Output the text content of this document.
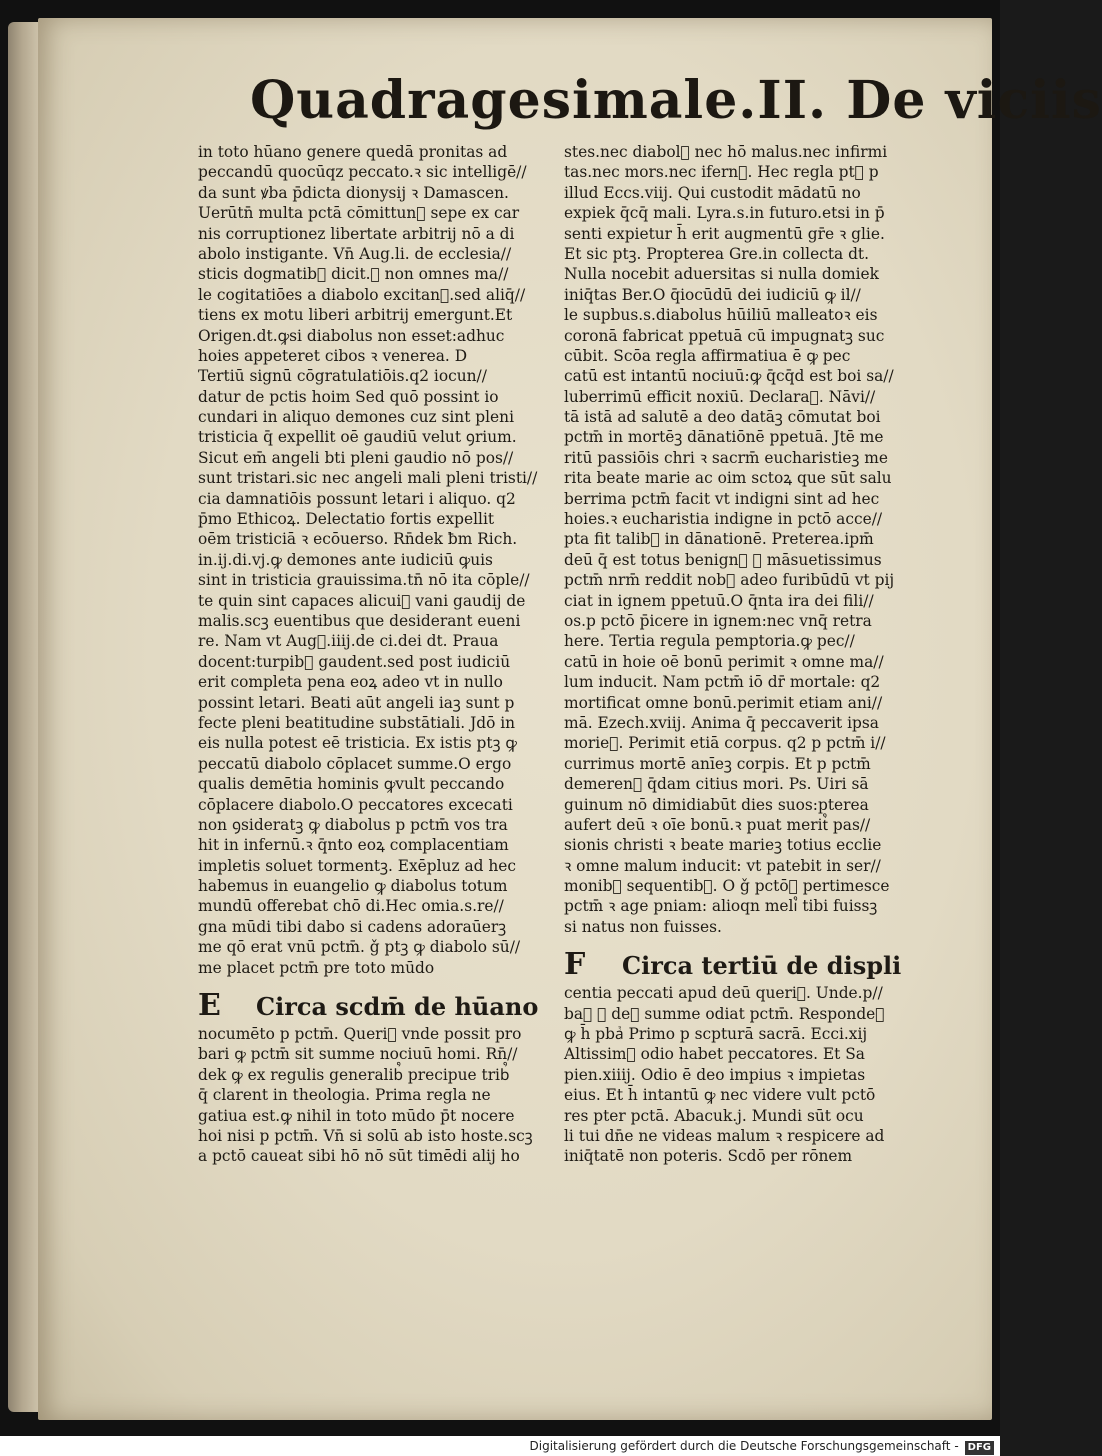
Quadragesimale.II. De viciis
in toto hūano genere quedā pronitas ad
peccandū quocūqz peccato.ꝛ sic intelligē//
da sunt ꝟba p̄dicta dionysij ꝛ Damascen.
Uerūtn̄ multa pctā cōmittunᷣ sepe ex car
nis corruptionez libertate arbitrij nō a di
abolo instigante. Vn̄ Aug.li. de ecclesia//
sticis dogmatib᷒ dicit.ꝙ non omnes ma//
le cogitatiōes a diabolo excitanᷣ.sed aliq̄//
tiens ex motu liberi arbitrij emergunt.Et
Origen.dt.ꝙsi diabolus non esset:adhuc
hoies appeteret cibos ꝛ venerea. D
Tertiū signū cōgratulatiōis.q2 iocun//
datur de pctis hoim Sed quō possint io
cundari in aliquo demones cuz sint pleni
tristicia q̄ expellit oē gaudiū velut ꝯrium.
Sicut em̄ angeli bti pleni gaudio nō pos//
sunt tristari.sic nec angeli mali pleni tristi//
cia damnatiōis possunt letari i aliquo. q2
p̄mo Ethicoꝝ. Delectatio fortis expellit
oēm tristiciā ꝛ ecōuerso. Rn̄dek ƀm Rich.
in.ij.di.vj.ꝙ demones ante iudiciū ꝙuis
sint in tristicia grauissima.tn̄ nō ita cōple//
te quin sint capaces alicui᷒ vani gaudij de
malis.scꝫ euentibus que desiderant eueni
re. Nam vt Aug᷒.iiij.de ci.dei dt. Praua
docent:turpib᷒ gaudent.sed post iudiciū
erit completa pena eoꝝ adeo vt in nullo
possint letari. Beati aūt angeli iaꝫ sunt p
fecte pleni beatitudine substātiali. Jdō in
eis nulla potest eē tristicia. Ex istis ptꝫ ꝙ
peccatū diabolo cōplacet summe.O ergo
qualis demētia hominis ꝙvult peccando
cōplacere diabolo.O peccatores excecati
non ꝯsideratꝫ ꝙ diabolus p pctm̄ vos tra
hit in infernū.ꝛ q̄nto eoꝝ complacentiam
impletis soluet tormentꝫ. Exēpluz ad hec
habemus in euangelio ꝙ diabolus totum
mundū offerebat chō di.Hec omia.s.re//
gna mūdi tibi dabo si cadens adoraūerꝫ
me qō erat vnū pctm̄. ǧ ptꝫ ꝙ diabolo sū//
me placet pctm̄ pre toto mūdo
E	Circa scdm̄ de hūano
nocumēto p pctm̄. Queriᷣ vnde possit pro
bari ꝙ pctm̄ sit summe nociuū homi. Rn̄//
dek ꝙ ex regulis generalib᷒ precipue trib᷒
q̄ clarent in theologia. Prima regla ne
gatiua est.ꝙ nihil in toto mūdo p̄t nocere
hoi nisi p pctm̄. Vn̄ si solū ab isto hoste.scꝫ
a pctō caueat sibi hō nō sūt timēdi alij ho
stes.nec diabol᷒ nec hō malus.nec infirmi
tas.nec mors.nec ifern᷒. Hec regla ptꝫ p
illud Eccs.viij. Qui custodit mādatū no
expiek q̄cq̄ mali. Lyra.s.in futuro.etsi in p̄
senti expietur h̄ erit augmentū gr̄e ꝛ glie.
Et sic ptꝫ. Propterea Gre.in collecta dt.
Nulla nocebit aduersitas si nulla domiek
iniq̄tas Ber.O q̄iocūdū dei iudiciū ꝙ il//
le supbus.s.diabolus hūiliū malleatoꝛ eis
coronā fabricat ppetuā cū impugnatꝫ suc
cūbit. Scōa regla affirmatiua ē ꝙ pec
catū est intantū nociuū:ꝙ q̄cq̄d est boi sa//
luberrimū efficit noxiū. Declaraᷣ. Nāvi//
tā istā ad salutē a deo datāꝫ cōmutat boi
pctm̄ in mortēꝫ dānatiōnē ppetuā. Jtē me
ritū passiōis chri ꝛ sacrm̄ eucharistieꝫ me
rita beate marie ac oim sctoꝝ que sūt salu
berrima pctm̄ facit vt indigni sint ad hec
hoies.ꝛ eucharistia indigne in pctō acce//
pta fit talib᷒ in dānationē. Preterea.ipm̄
deū q̄ est totus benign᷒ ꝛ māsuetissimus
pctm̄ nrm̄ reddit nob᷒ adeo furibūdū vt pij
ciat in ignem ppetuū.O q̄nta ira dei fili//
os.p pctō p̄icere in ignem:nec vnq̄ retra
here. Tertia regula pemptoria.ꝙ pec//
catū in hoie oē bonū perimit ꝛ omne ma//
lum inducit. Nam pctm̄ iō dr̄ mortale: q2
mortificat omne bonū.perimit etiam ani//
mā. Ezech.xviij. Anima q̄ peccaverit ipsa
morieᷣ. Perimit etiā corpus. q2 p pctm̄ i//
currimus mortē anīeꝫ corpis. Et p pctm̄
demerenᷣ q̄dam citius mori. Ps. Uiri sā
guinum nō dimidiabūt dies suos:pterea
aufert deū ꝛ oīe bonū.ꝛ puat merit᷒ pas//
sionis christi ꝛ beate marieꝫ totius ecclie
ꝛ omne malum inducit: vt patebit in ser//
monib᷒ sequentib᷒. O ǧ pctōꝛ pertimesce
pctm̄ ꝛ age pniam: alioqn meli᷒ tibi fuissꝫ
si natus non fuisses.
F	Circa tertiū de displi
centia peccati apud deū queriᷣ. Unde.p//
baᷣ ꝙ de᷒ summe odiat pctm̄. Respondeᷣ
ꝙ h̄ pbaᷣ Primo p scpturā sacrā. Ecci.xij
Altissim᷒ odio habet peccatores. Et Sa
pien.xiiij. Odio ē deo impius ꝛ impietas
eius. Et h̄ intantū ꝙ nec videre vult pctō
res pter pctā. Abacuk.j. Mundi sūt ocu
li tui dn̄e ne videas malum ꝛ respicere ad
iniq̄tatē non poteris. Scdō per rōnem
Digitalisierung gefördert durch die Deutsche Forschungsgemeinschaft - DFG
